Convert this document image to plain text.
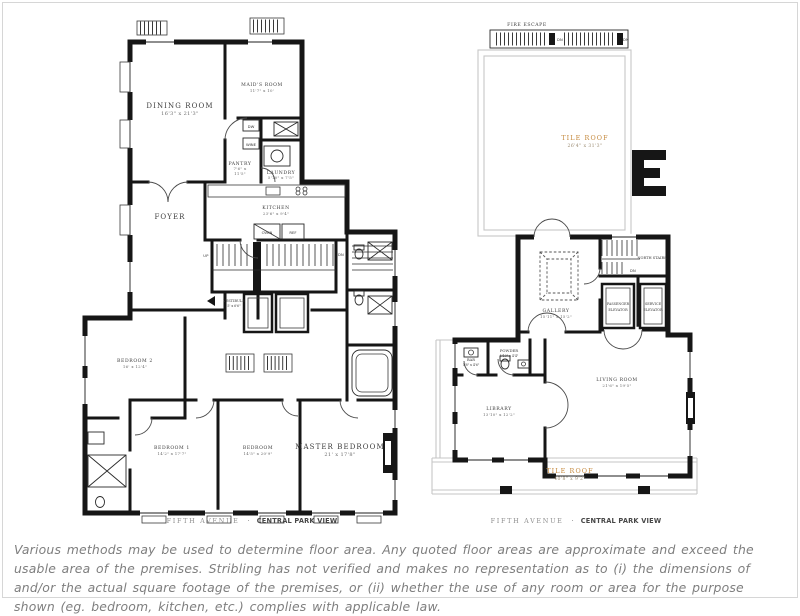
DINING ROOM
16'3" x 21'3"
MAID'S ROOM
11'7" x 10'
PANTRY
7'6" x
11'5"	LAUNDRY
5'10" x 7'5"
FOYER
KITCHEN
23'6" x 9'4"
VESTIBULE
5' x 6'6"
BEDROOM 2
16' x 12'4"
BEDROOM 1
14'2" x 17'7"
BEDROOM
14'5" x 20'9"
MASTER BEDROOM
21' x 17'8"
DW
WINE
OVEN	REF
UP	DN
FIFTH AVENUE · CENTRAL PARK VIEW
FIRE ESCAPE
DN	DN
TILE ROOF
26'4" x 31'3"
NORTH STAIRS
DN
PASSENGER
ELEVATOR
SERVICE
ELEVATOR
GALLERY
15'11" x 15'2"
BAR
5'8" x 4'6"
POWDER
5'10" x 4'4"
LIBRARY
13'10" x 12'2"
LIVING ROOM
21'6" x 19'5"
TILE ROOF
40'8" x 9'2"
FIFTH AVENUE · CENTRAL PARK VIEW
Various methods may be used to determine floor area. Any quoted floor areas are approximate and exceed the usable area of the premises. Stribling has not verified and makes no representation as to (i) the dimensions of and/or the actual square footage of the premises, or (ii) whether the use of any room or area for the purpose shown (eg. bedroom, kitchen, etc.) complies with applicable law.
